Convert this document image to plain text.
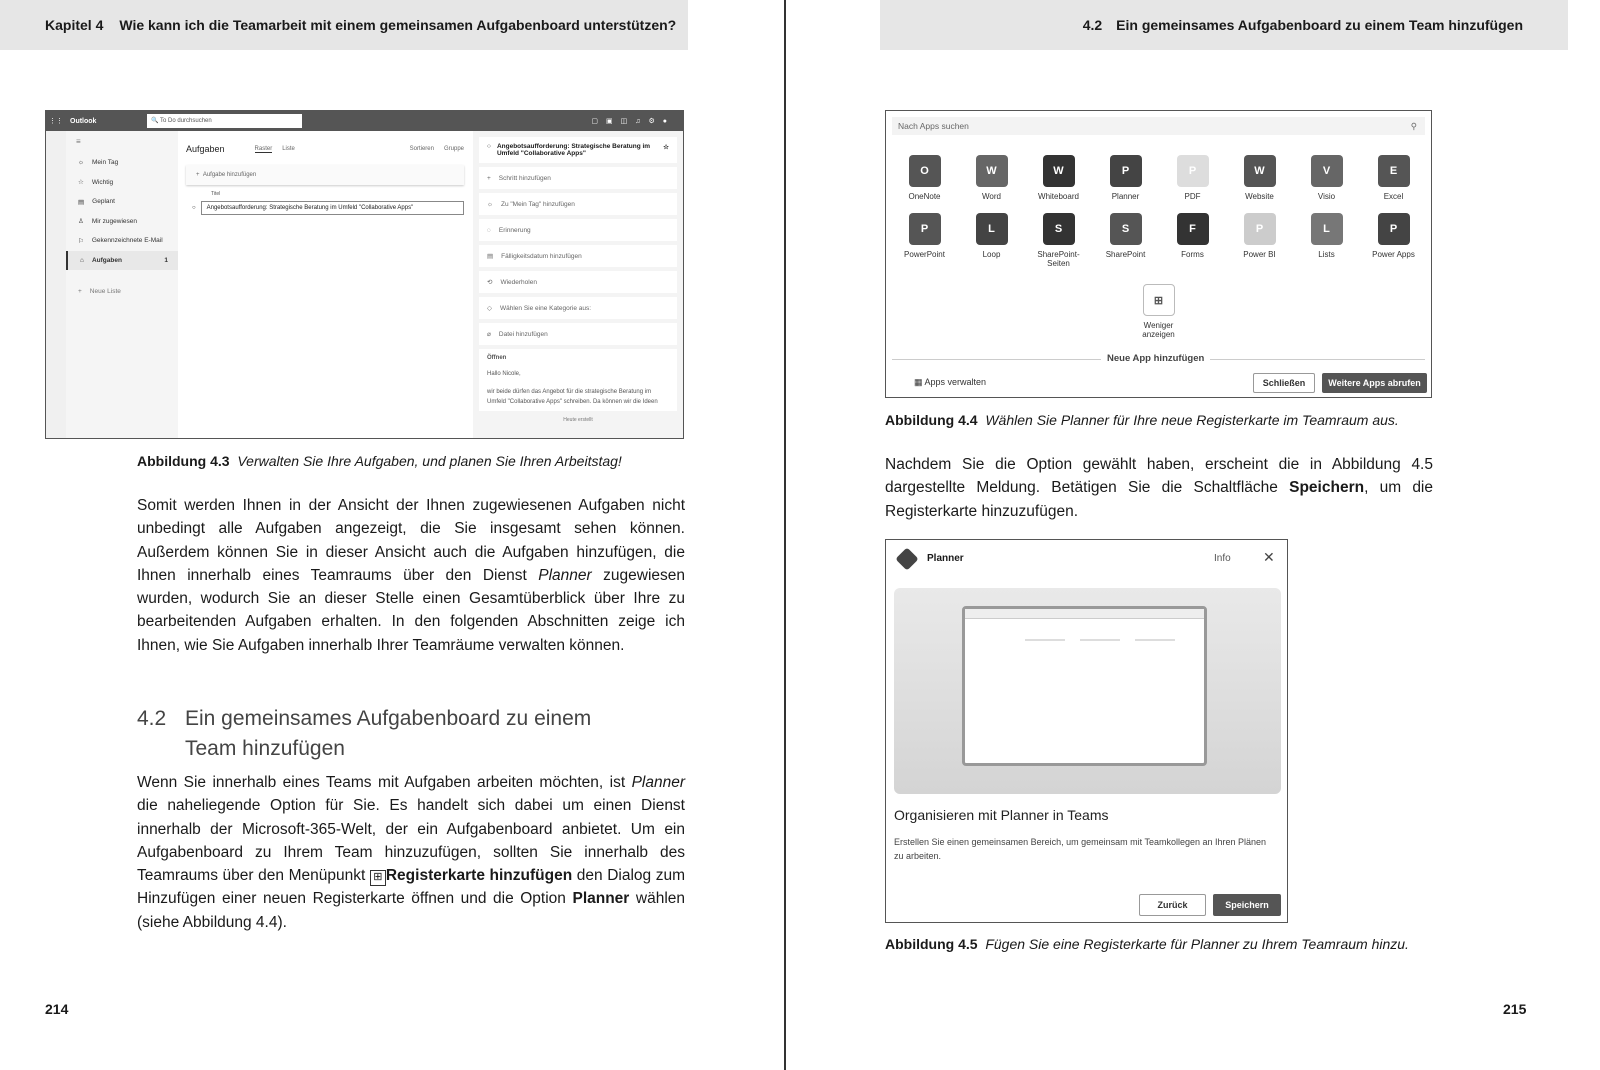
Kapitel 4 Wie kann ich die Teamarbeit mit einem gemeinsamen Aufgabenboard unterstützen?	4.2 Ein gemeinsames Aufgabenboard zu einem Team hinzufügen
⋮⋮	Outlook	🔍 To Do durchsuchen	▢▣◫♫⚙●
≡
☼ Mein Tag
☆ Wichtig
▤ Geplant
♙ Mir zugewiesen
⚐ Gekennzeichnete E-Mail
⌂ Aufgaben	1
+ Neue Liste
Aufgaben	Raster Liste	Sortieren Gruppe
+  Aufgabe hinzufügen
Titel
○	Angebotsaufforderung: Strategische Beratung im Umfeld "Collaborative Apps"
○ Angebotsaufforderung: Strategische Beratung im Umfeld "Collaborative Apps"
☆
+ Schritt hinzufügen
☼ Zu "Mein Tag" hinzufügen
◌ Erinnerung
▤ Fälligkeitsdatum hinzufügen
⟲ Wiederholen
◇ Wählen Sie eine Kategorie aus:
⌀ Datei hinzufügen
Öffnen
Hallo Nicole,
wir beide dürfen das Angebot für die strategische Beratung im Umfeld "Collaborative Apps" schreiben. Da können wir die Ideen
Heute erstellt
Abbildung 4.3 Verwalten Sie Ihre Aufgaben, und planen Sie Ihren Arbeitstag!

Somit werden Ihnen in der Ansicht der Ihnen zugewiesenen Aufgaben nicht unbedingt alle Aufgaben angezeigt, die Sie insgesamt sehen können. Außerdem können Sie in dieser Ansicht auch die Aufgaben hinzufügen, die Ihnen innerhalb eines Teamraums über den Dienst Planner zugewiesen wurden, wodurch Sie an dieser Stelle einen Gesamtüberblick über Ihre zu bearbeitenden Aufgaben erhalten. In den folgenden Abschnitten zeige ich Ihnen, wie Sie Aufgaben innerhalb Ihrer Teamräume verwalten können.

4.2 Ein gemeinsames Aufgabenboard zu einem Team hinzufügen

Wenn Sie innerhalb eines Teams mit Aufgaben arbeiten möchten, ist Planner die naheliegende Option für Sie. Es handelt sich dabei um einen Dienst innerhalb der Microsoft-365-Welt, der ein Aufgabenboard anbietet. Um ein Aufgabenboard zu Ihrem Team hinzuzufügen, sollten Sie innerhalb des Teamraums über den Menüpunkt ⊞ Registerkarte hinzufügen den Dialog zum Hinzufügen einer neuen Registerkarte öffnen und die Option Planner wählen (siehe Abbildung 4.4).

214
Nach Apps suchen	⚲
O
OneNote
W
Word
W
Whiteboard
P
Planner
P
PDF
W
Website
V
Visio
E
Excel
P
PowerPoint
L
Loop
S
SharePoint-Seiten
S
SharePoint
F
Forms
P
Power BI
L
Lists
P
Power Apps
⊞
Weniger anzeigen
Neue App hinzufügen
▦ Apps verwalten	Schließen	Weitere Apps abrufen
Abbildung 4.4 Wählen Sie Planner für Ihre neue Registerkarte im Teamraum aus.

Nachdem Sie die Option gewählt haben, erscheint die in Abbildung 4.5 dargestellte Meldung. Betätigen Sie die Schaltfläche Speichern, um die Registerkarte hinzuzufügen.

Planner	Info ✕
Organisieren mit Planner in Teams
Erstellen Sie einen gemeinsamen Bereich, um gemeinsam mit Teamkollegen an Ihren Plänen zu arbeiten.
Zurück	Speichern
Abbildung 4.5 Fügen Sie eine Registerkarte für Planner zu Ihrem Teamraum hinzu.
215
